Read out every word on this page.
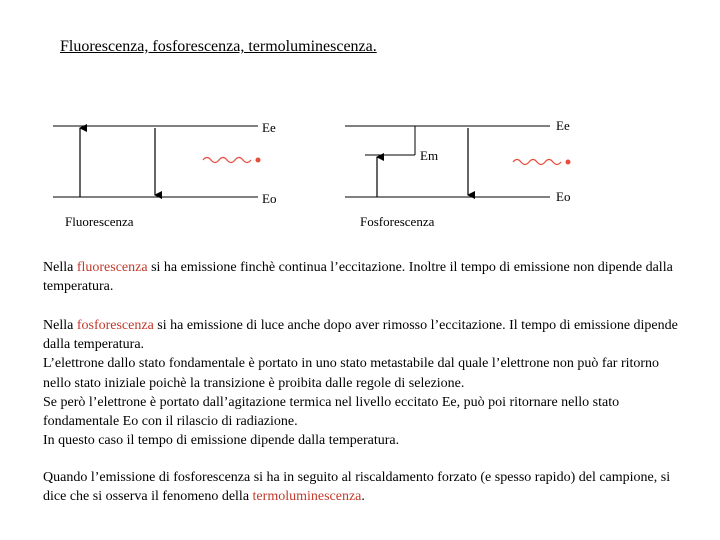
Fluorescenza, fosforescenza, termoluminescenza.
Ee
Eo
Fluorescenza
Ee
Em
Eo
Fosforescenza
Nella fluorescenza si ha emissione finchè continua l’eccitazione. Inoltre il tempo di emissione non dipende dalla temperatura.
Nella fosforescenza si ha emissione di luce anche dopo aver rimosso l’eccitazione. Il tempo di emissione dipende dalla temperatura.
L’elettrone dallo stato fondamentale è portato in uno stato metastabile dal quale l’elettrone non può far ritorno nello stato iniziale poichè la transizione è proibita dalle regole di selezione.
Se però l’elettrone è portato dall’agitazione termica nel livello eccitato Ee, può poi ritornare nello stato fondamentale Eo con il rilascio di radiazione.
In questo caso il tempo di emissione dipende dalla temperatura.
Quando l’emissione di fosforescenza si ha in seguito al riscaldamento forzato (e spesso rapido) del campione, si dice che si osserva il fenomeno della termoluminescenza.
